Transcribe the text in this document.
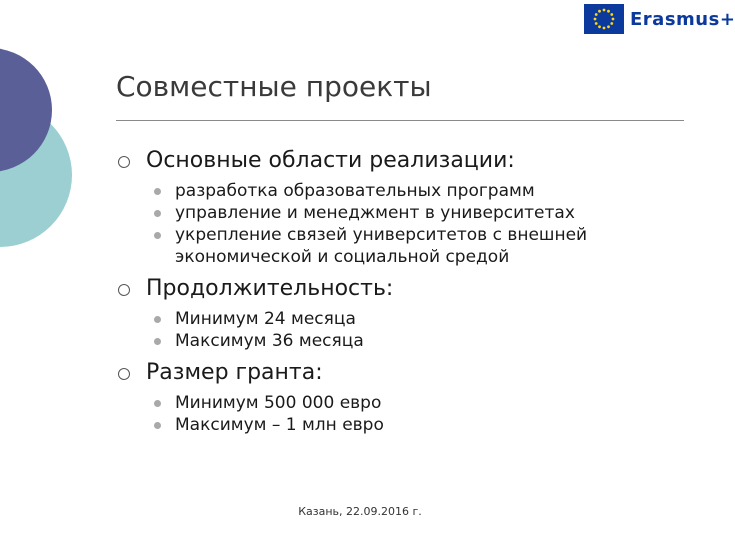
Erasmus+
Совместные проекты
Основные области реализации:
разработка образовательных программ
управление и менеджмент в университетах
укрепление связей университетов с внешней экономической и социальной средой
Продолжительность:
Минимум 24 месяца
Максимум 36 месяца
Размер гранта:
Минимум 500 000 евро
Максимум – 1 млн евро
Казань, 22.09.2016 г.
